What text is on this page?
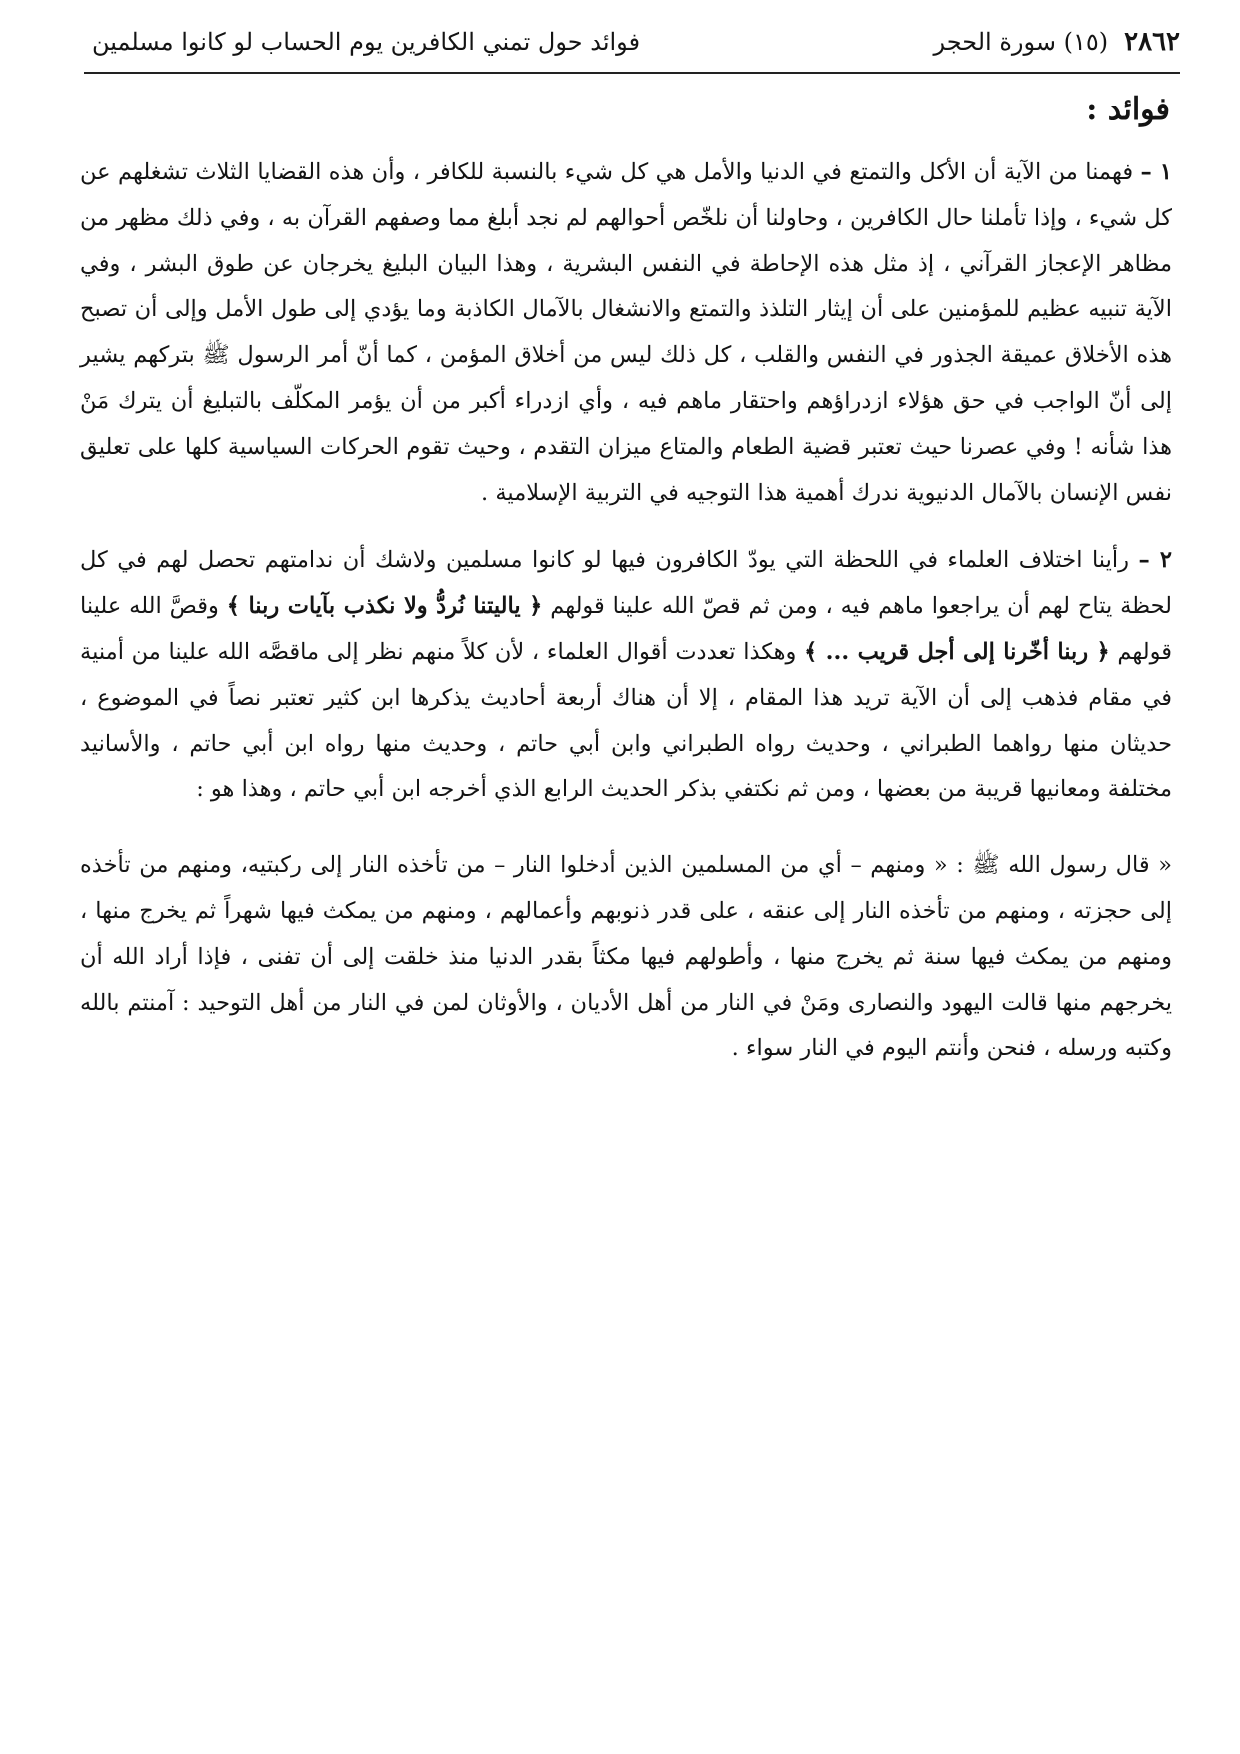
٢٨٦٢
(١٥) سورة الحجر
فوائد حول تمني الكافرين يوم الحساب لو كانوا مسلمين
فوائد :

١ – فهمنا من الآية أن الأكل والتمتع في الدنيا والأمل هي كل شيء بالنسبة للكافر ، وأن هذه القضايا الثلاث تشغلهم عن كل شيء ، وإذا تأملنا حال الكافرين ، وحاولنا أن نلخّص أحوالهم لم نجد أبلغ مما وصفهم القرآن به ، وفي ذلك مظهر من مظاهر الإعجاز القرآني ، إذ مثل هذه الإحاطة في النفس البشرية ، وهذا البيان البليغ يخرجان عن طوق البشر ، وفي الآية تنبيه عظيم للمؤمنين على أن إيثار التلذذ والتمتع والانشغال بالآمال الكاذبة وما يؤدي إلى طول الأمل وإلى أن تصبح هذه الأخلاق عميقة الجذور في النفس والقلب ، كل ذلك ليس من أخلاق المؤمن ، كما أنّ أمر الرسول ﷺ بتركهم يشير إلى أنّ الواجب في حق هؤلاء ازدراؤهم واحتقار ماهم فيه ، وأي ازدراء أكبر من أن يؤمر المكلّف بالتبليغ أن يترك مَنْ هذا شأنه ! وفي عصرنا حيث تعتبر قضية الطعام والمتاع ميزان التقدم ، وحيث تقوم الحركات السياسية كلها على تعليق نفس الإنسان بالآمال الدنيوية ندرك أهمية هذا التوجيه في التربية الإسلامية .

٢ – رأينا اختلاف العلماء في اللحظة التي يودّ الكافرون فيها لو كانوا مسلمين ولاشك أن ندامتهم تحصل لهم في كل لحظة يتاح لهم أن يراجعوا ماهم فيه ، ومن ثم قصّ الله علينا قولهم ﴿ ياليتنا نُردُّ ولا نكذب بآيات ربنا ﴾ وقصَّ الله علينا قولهم ﴿ ربنا أخّرنا إلى أجل قريب ... ﴾ وهكذا تعددت أقوال العلماء ، لأن كلاً منهم نظر إلى ماقصَّه الله علينا من أمنية في مقام فذهب إلى أن الآية تريد هذا المقام ، إلا أن هناك أربعة أحاديث يذكرها ابن كثير تعتبر نصاً في الموضوع ، حديثان منها رواهما الطبراني ، وحديث رواه الطبراني وابن أبي حاتم ، وحديث منها رواه ابن أبي حاتم ، والأسانيد مختلفة ومعانيها قريبة من بعضها ، ومن ثم نكتفي بذكر الحديث الرابع الذي أخرجه ابن أبي حاتم ، وهذا هو :

« قال رسول الله ﷺ : « ومنهم – أي من المسلمين الذين أدخلوا النار – من تأخذه النار إلى ركبتيه، ومنهم من تأخذه إلى حجزته ، ومنهم من تأخذه النار إلى عنقه ، على قدر ذنوبهم وأعمالهم ، ومنهم من يمكث فيها شهراً ثم يخرج منها ، ومنهم من يمكث فيها سنة ثم يخرج منها ، وأطولهم فيها مكثاً بقدر الدنيا منذ خلقت إلى أن تفنى ، فإذا أراد الله أن يخرجهم منها قالت اليهود والنصارى ومَنْ في النار من أهل الأديان ، والأوثان لمن في النار من أهل التوحيد : آمنتم بالله وكتبه ورسله ، فنحن وأنتم اليوم في النار سواء .
